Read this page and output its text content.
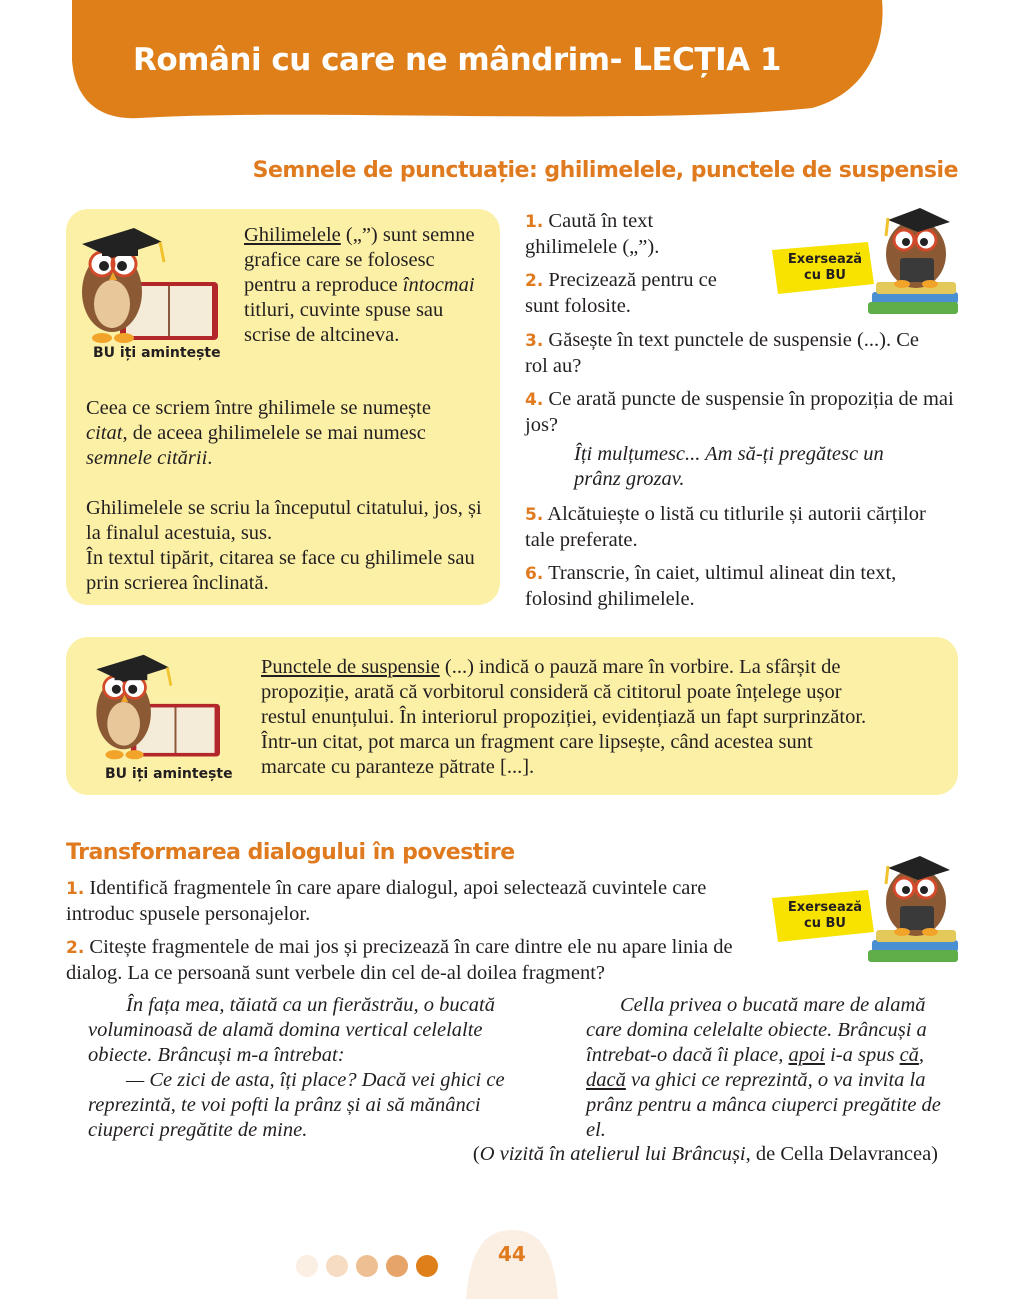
Români cu care ne mândrim- LECȚIA 1
Semnele de punctuație: ghilimelele, punctele de suspensie
BU iți amintește
Ghilimelele („”) sunt semne grafice care se folosesc pentru a reproduce întocmai titluri, cuvinte spuse sau scrise de altcineva.
Ceea ce scriem între ghilimele se numește citat, de aceea ghilimelele se mai numesc semnele citării.
Ghilimelele se scriu la începutul citatului, jos, și la finalul acestuia, sus.
În textul tipărit, citarea se face cu ghilimele sau prin scrierea înclinată.
1. Caută în text ghilimelele („”).
2. Precizează pentru ce sunt folosite.
3. Găsește în text punctele de suspensie (...). Ce rol au?
4. Ce arată puncte de suspensie în propoziția de mai jos?
Îți mulțumesc... Am să-ți pregătesc un prânz grozav.
5. Alcătuiește o listă cu titlurile și autorii cărților tale preferate.
6. Transcrie, în caiet, ultimul alineat din text, folosind ghilimelele.
Exersează
cu BU
BU iți amintește
Punctele de suspensie (...) indică o pauză mare în vorbire. La sfârșit de propoziție, arată că vorbitorul consideră că cititorul poate înțelege ușor restul enunțului. În interiorul propoziției, evidențiază un fapt surprinzător. Într-un citat, pot marca un fragment care lipsește, când acestea sunt marcate cu paranteze pătrate [...].
Transformarea dialogului în povestire
1. Identifică fragmentele în care apare dialogul, apoi selectează cuvintele care introduc spusele personajelor.
2. Citește fragmentele de mai jos și precizează în care dintre ele nu apare linia de dialog. La ce persoană sunt verbele din cel de-al doilea fragment?
Exersează
cu BU
În fața mea, tăiată ca un fierăstrău, o bucată voluminoasă de alamă domina vertical celelalte obiecte. Brâncuși m-a întrebat:
— Ce zici de asta, îți place? Dacă vei ghici ce reprezintă, te voi pofti la prânz și ai să mănânci ciuperci pregătite de mine.
Cella privea o bucată mare de alamă care domina celelalte obiecte. Brâncuși a întrebat-o dacă îi place, apoi i-a spus că, dacă va ghici ce reprezintă, o va invita la prânz pentru a mânca ciuperci pregătite de el.
(O vizită în atelierul lui Brâncuși, de Cella Delavrancea)
44
